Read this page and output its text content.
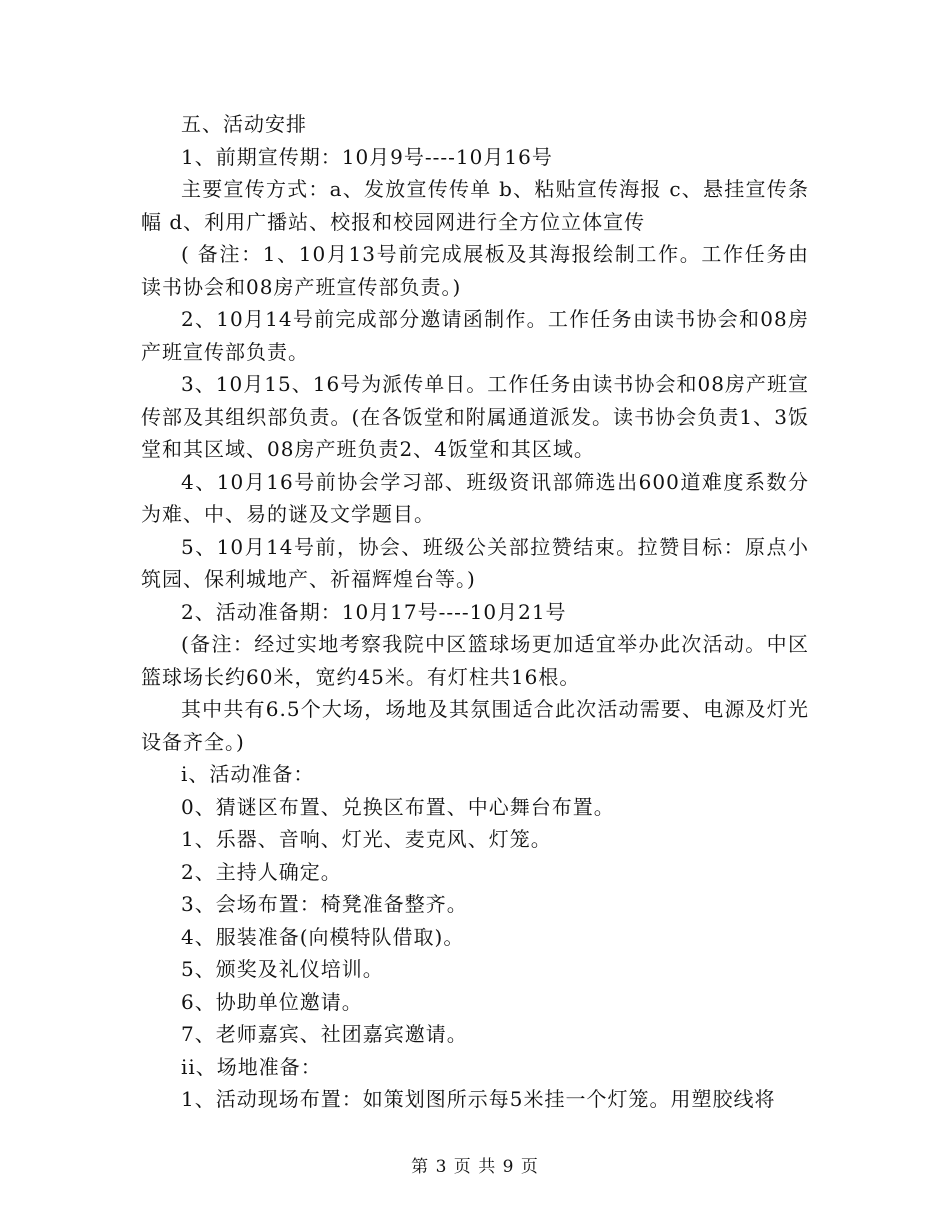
五、活动安排

1、前期宣传期：10月9号----10月16号

主要宣传方式：a、发放宣传传单 b、粘贴宣传海报 c、悬挂宣传条幅 d、利用广播站、校报和校园网进行全方位立体宣传

( 备注：1、10月13号前完成展板及其海报绘制工作。工作任务由读书协会和08房产班宣传部负责。)

2、10月14号前完成部分邀请函制作。工作任务由读书协会和08房产班宣传部负责。

3、10月15、16号为派传单日。工作任务由读书协会和08房产班宣传部及其组织部负责。(在各饭堂和附属通道派发。读书协会负责1、3饭堂和其区域、08房产班负责2、4饭堂和其区域。

4、10月16号前协会学习部、班级资讯部筛选出600道难度系数分为难、中、易的谜及文学题目。

5、10月14号前，协会、班级公关部拉赞结束。拉赞目标：原点小筑园、保利城地产、祈福辉煌台等。)

2、活动准备期：10月17号----10月21号

(备注：经过实地考察我院中区篮球场更加适宜举办此次活动。中区篮球场长约60米，宽约45米。有灯柱共16根。

其中共有6.5个大场，场地及其氛围适合此次活动需要、电源及灯光设备齐全。)

i、活动准备：

0、猜谜区布置、兑换区布置、中心舞台布置。

1、乐器、音响、灯光、麦克风、灯笼。

2、主持人确定。

3、会场布置：椅凳准备整齐。

4、服装准备(向模特队借取)。

5、颁奖及礼仪培训。

6、协助单位邀请。

7、老师嘉宾、社团嘉宾邀请。

ii、场地准备：

1、活动现场布置：如策划图所示每5米挂一个灯笼。用塑胶线将

第 3 页 共 9 页
